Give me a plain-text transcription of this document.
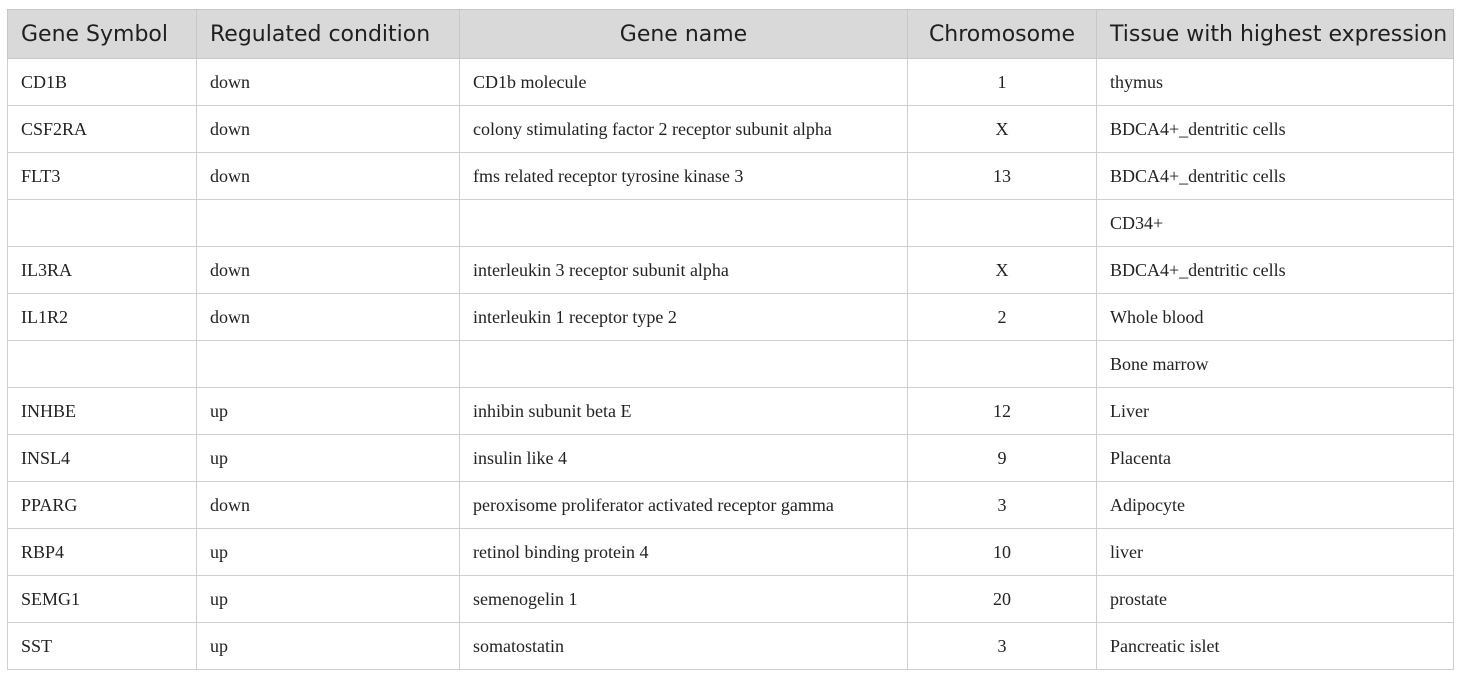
Gene Symbol	Regulated condition	Gene name	Chromosome	Tissue with highest expression
CD1B	down	CD1b molecule	1	thymus
CSF2RA	down	colony stimulating factor 2 receptor subunit alpha	X	BDCA4+_dentritic cells
FLT3	down	fms related receptor tyrosine kinase 3	13	BDCA4+_dentritic cells
				CD34+
IL3RA	down	interleukin 3 receptor subunit alpha	X	BDCA4+_dentritic cells
IL1R2	down	interleukin 1 receptor type 2	2	Whole blood
				Bone marrow
INHBE	up	inhibin subunit beta E	12	Liver
INSL4	up	insulin like 4	9	Placenta
PPARG	down	peroxisome proliferator activated receptor gamma	3	Adipocyte
RBP4	up	retinol binding protein 4	10	liver
SEMG1	up	semenogelin 1	20	prostate
SST	up	somatostatin	3	Pancreatic islet
